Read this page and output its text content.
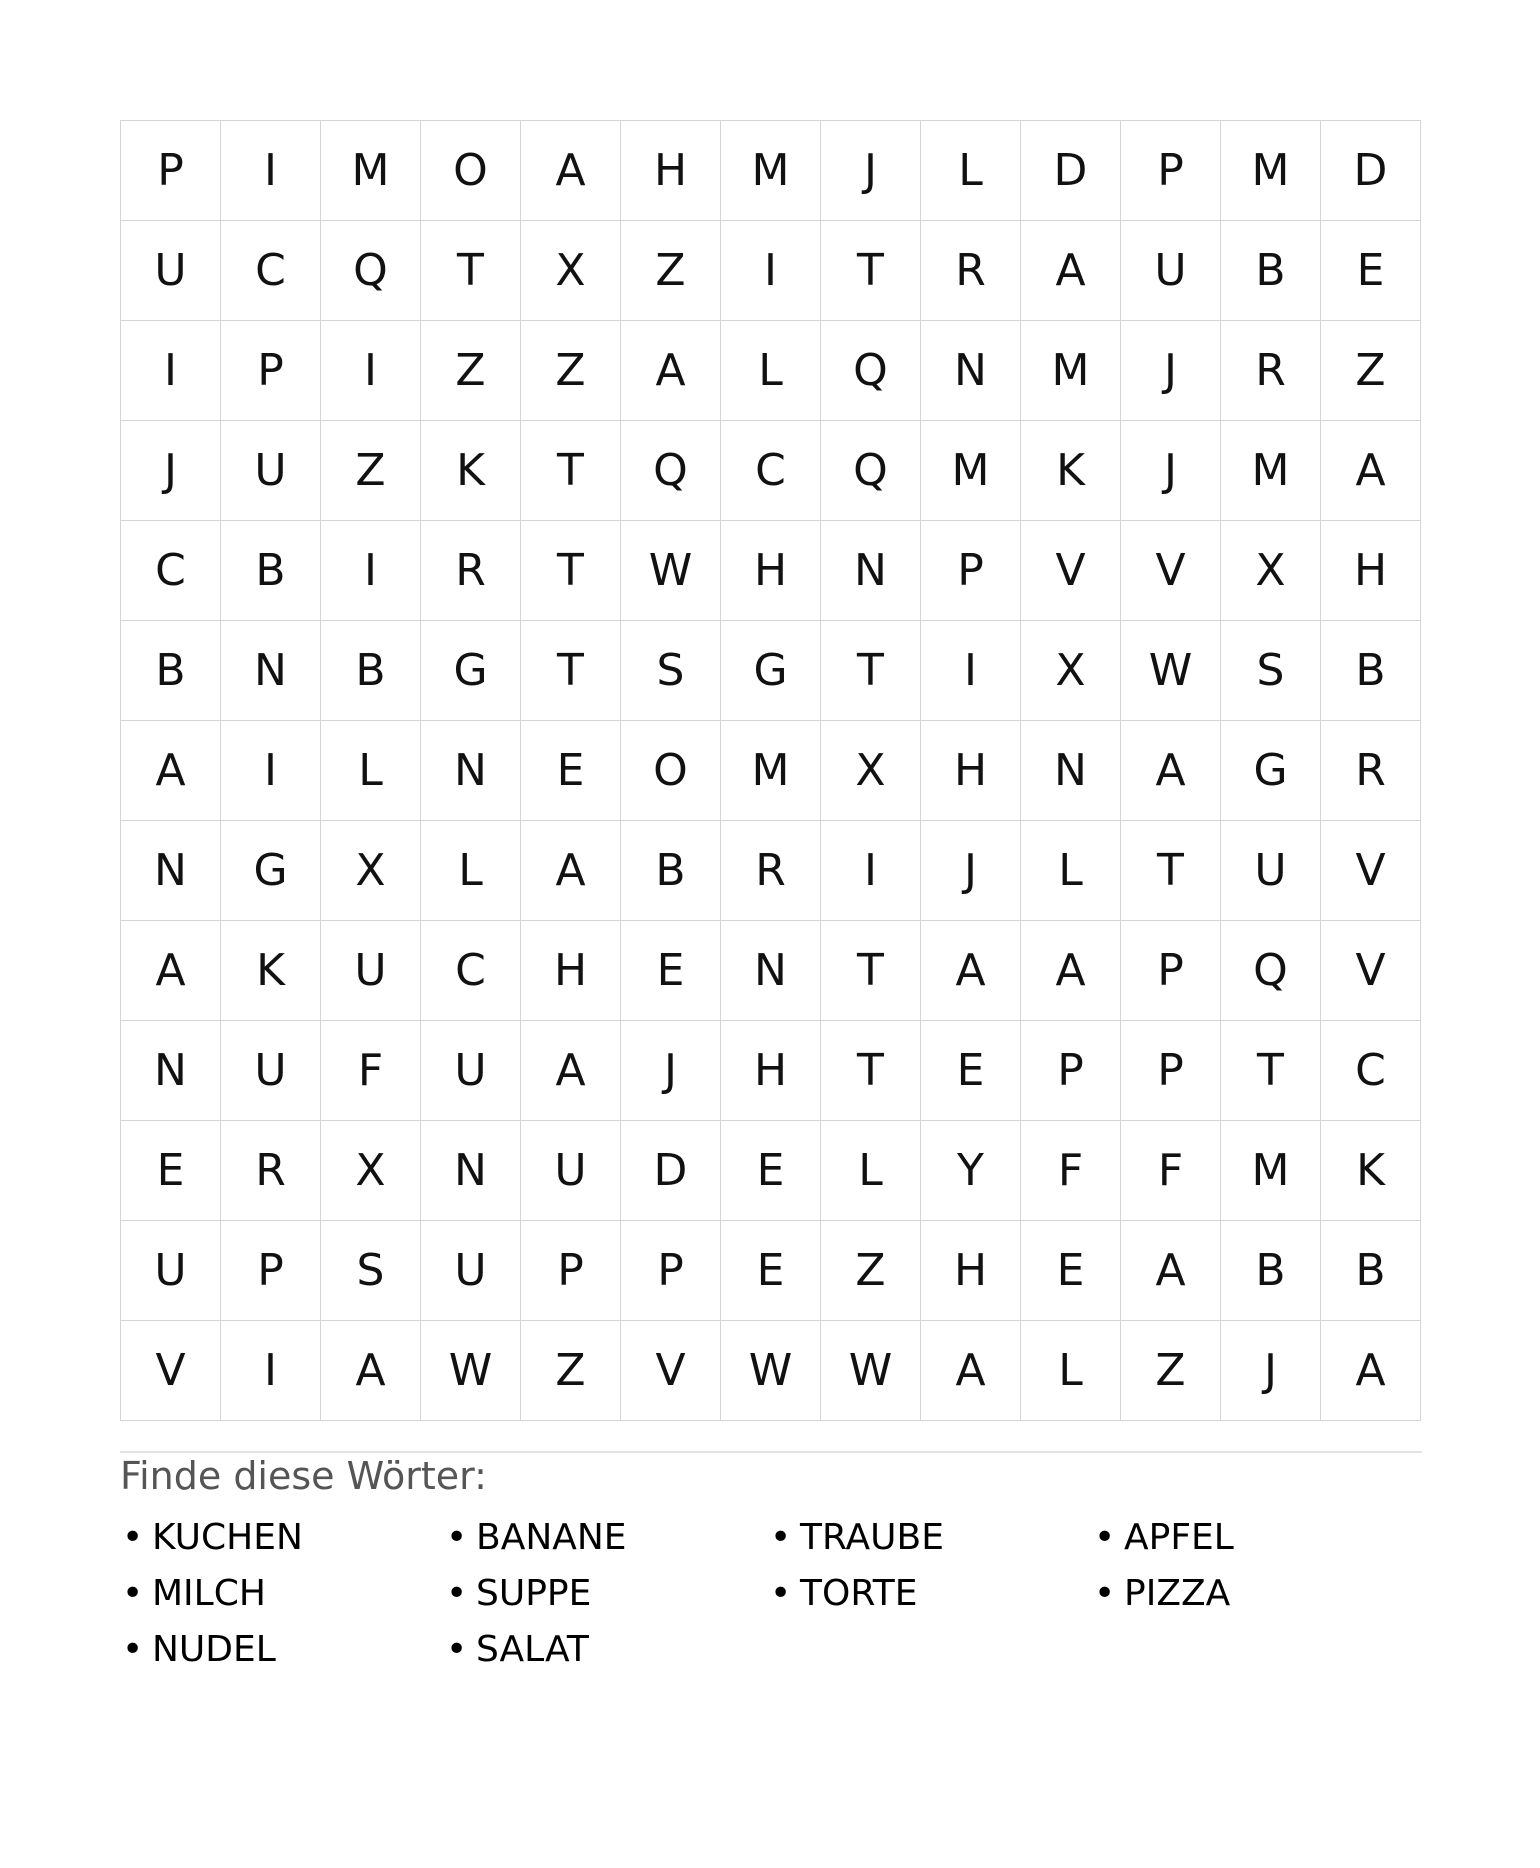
P	I	M	O	A	H	M	J	L	D	P	M	D
U	C	Q	T	X	Z	I	T	R	A	U	B	E
I	P	I	Z	Z	A	L	Q	N	M	J	R	Z
J	U	Z	K	T	Q	C	Q	M	K	J	M	A
C	B	I	R	T	W	H	N	P	V	V	X	H
B	N	B	G	T	S	G	T	I	X	W	S	B
A	I	L	N	E	O	M	X	H	N	A	G	R
N	G	X	L	A	B	R	I	J	L	T	U	V
A	K	U	C	H	E	N	T	A	A	P	Q	V
N	U	F	U	A	J	H	T	E	P	P	T	C
E	R	X	N	U	D	E	L	Y	F	F	M	K
U	P	S	U	P	P	E	Z	H	E	A	B	B
V	I	A	W	Z	V	W	W	A	L	Z	J	A
Finde diese Wörter:
• KUCHEN	• BANANE	• TRAUBE	• APFEL
• MILCH	• SUPPE	• TORTE	• PIZZA
• NUDEL	• SALAT
